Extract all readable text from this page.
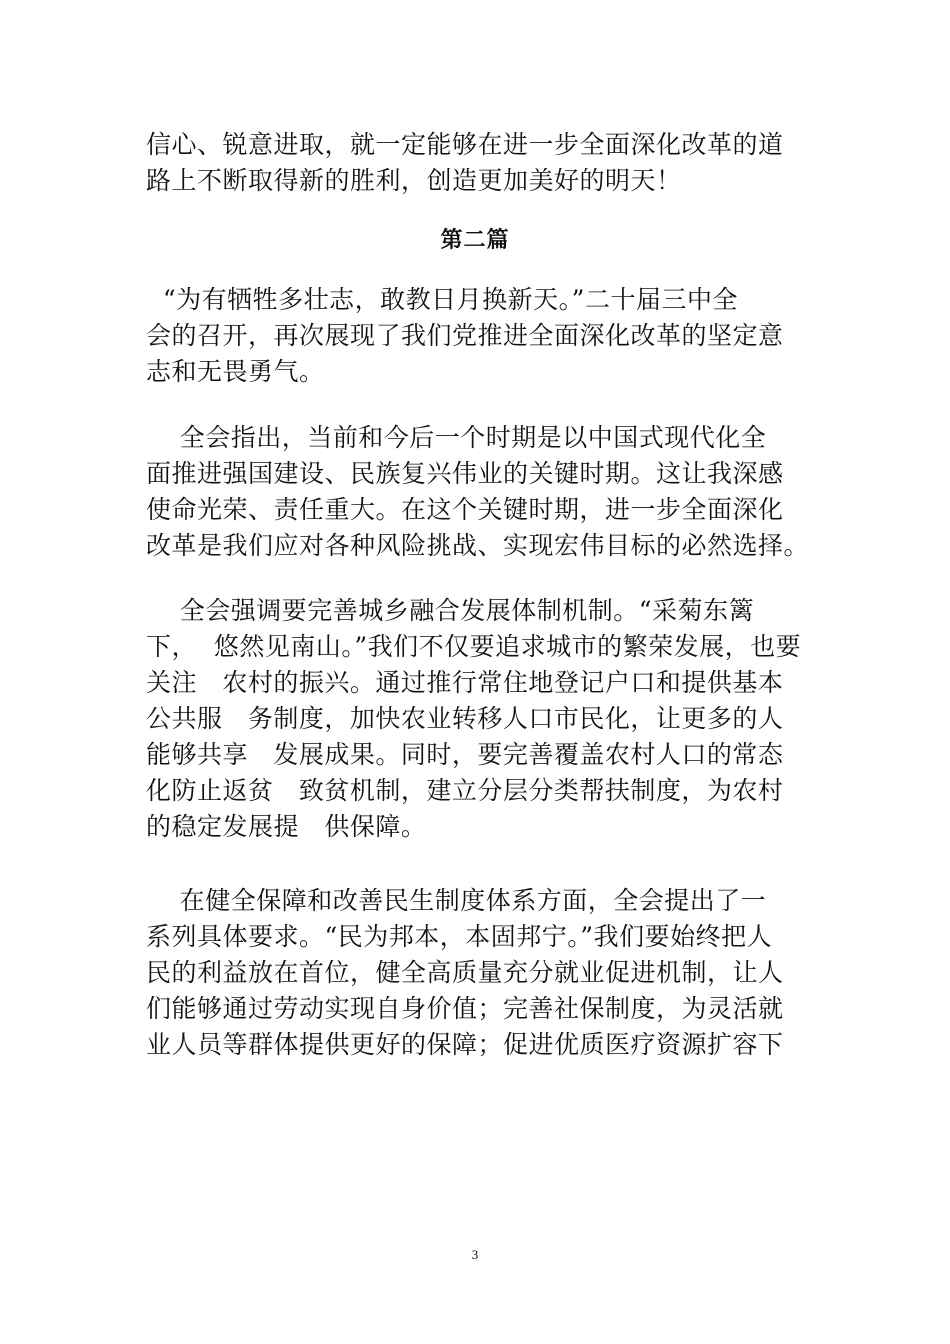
信心、锐意进取，就一定能够在进一步全面深化改革的道
路上不断取得新的胜利，创造更加美好的明天！
第二篇
“为有牺牲多壮志，敢教日月换新天。”二十届三中全
会的召开，再次展现了我们党推进全面深化改革的坚定意
志和无畏勇气。
全会指出，当前和今后一个时期是以中国式现代化全
面推进强国建设、民族复兴伟业的关键时期。这让我深感
使命光荣、责任重大。在这个关键时期，进一步全面深化
改革是我们应对各种风险挑战、实现宏伟目标的必然选择。
全会强调要完善城乡融合发展体制机制。“采菊东篱
下，  悠然见南山。”我们不仅要追求城市的繁荣发展，也要
关注   农村的振兴。通过推行常住地登记户口和提供基本
公共服   务制度，加快农业转移人口市民化，让更多的人
能够共享   发展成果。同时，要完善覆盖农村人口的常态
化防止返贫   致贫机制，建立分层分类帮扶制度，为农村
的稳定发展提   供保障。
在健全保障和改善民生制度体系方面，全会提出了一
系列具体要求。“民为邦本，本固邦宁。”我们要始终把人
民的利益放在首位，健全高质量充分就业促进机制，让人
们能够通过劳动实现自身价值；完善社保制度，为灵活就
业人员等群体提供更好的保障；促进优质医疗资源扩容下
3
